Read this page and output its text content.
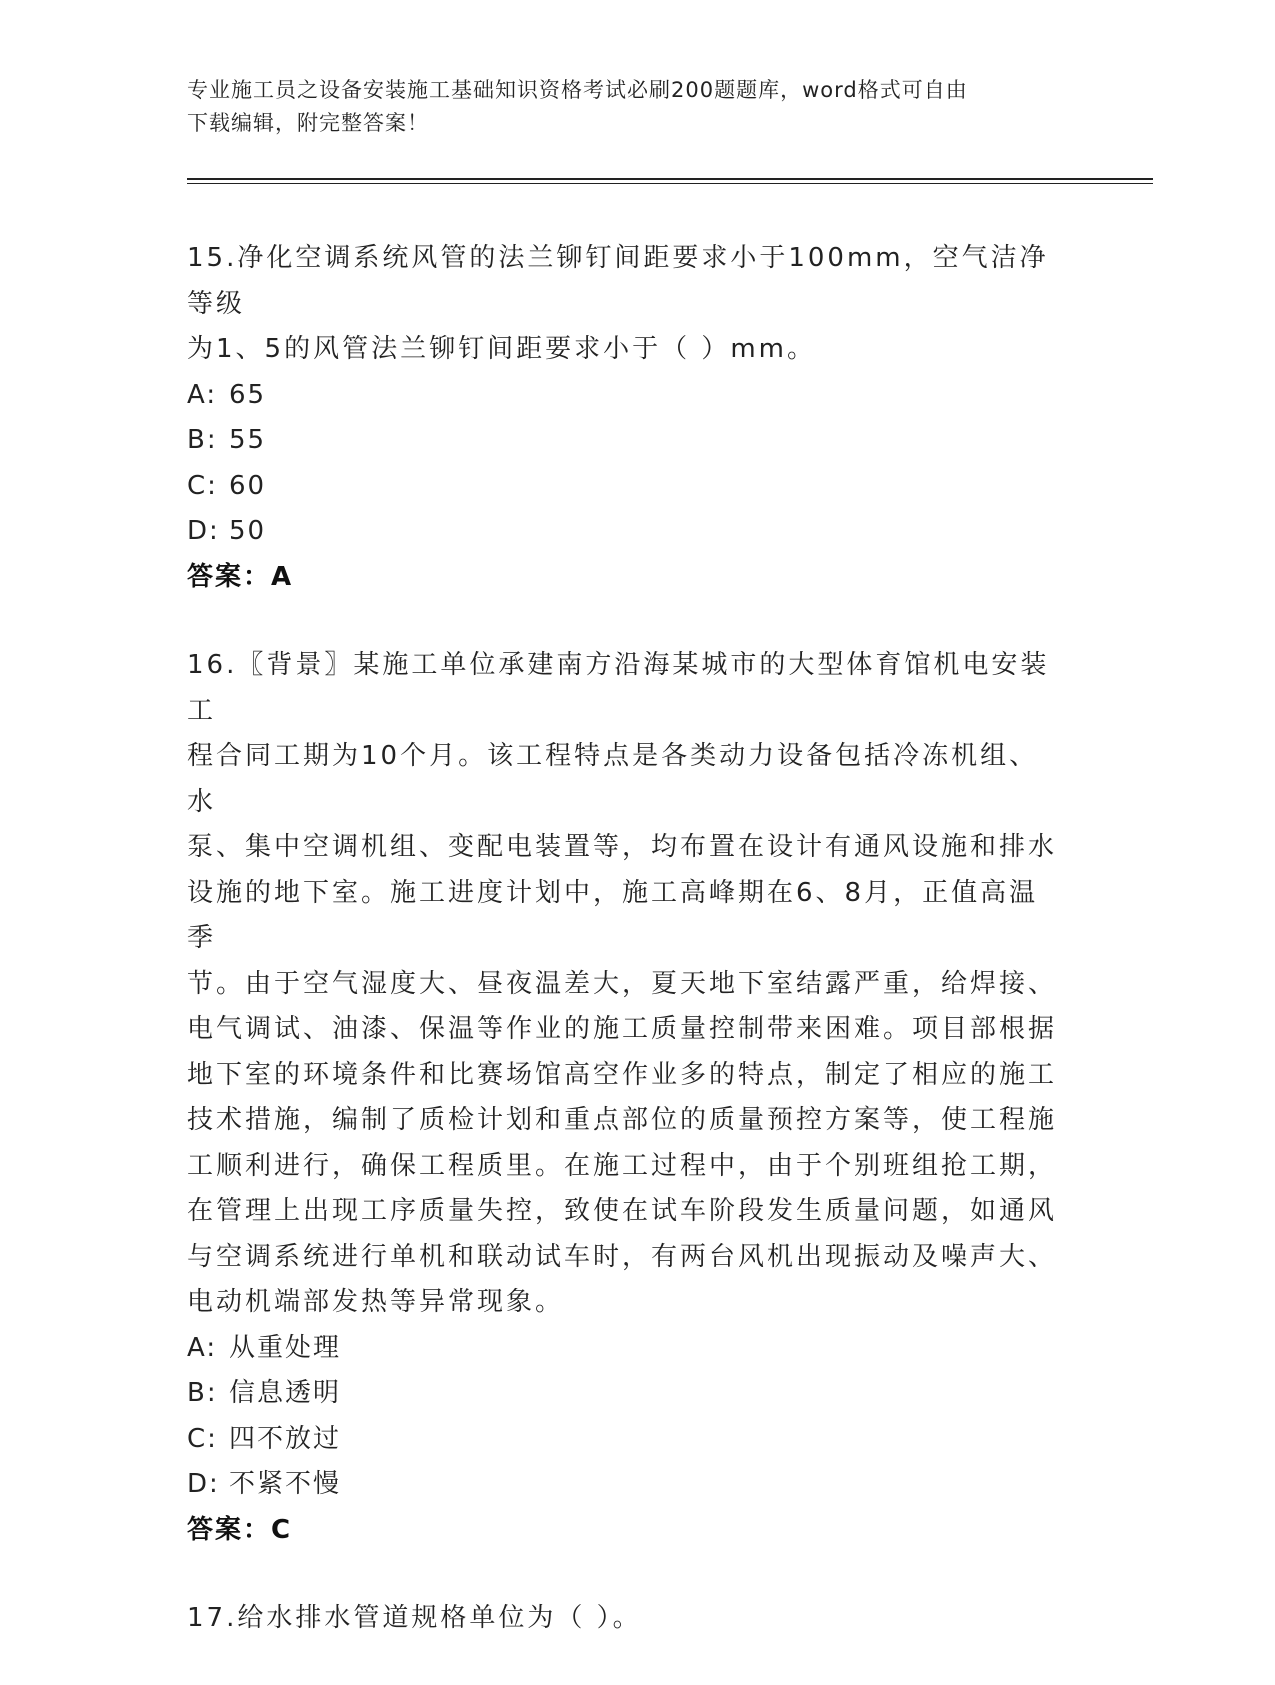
专业施工员之设备安装施工基础知识资格考试必刷200题题库，word格式可自由
下载编辑，附完整答案！

15.净化空调系统风管的法兰铆钉间距要求小于100mm，空气洁净等级

为1、5的风管法兰铆钉间距要求小于（ ）mm。

A: 65

B: 55

C: 60

D: 50

答案：A

16.〖背景〗某施工单位承建南方沿海某城市的大型体育馆机电安装工

程合同工期为10个月。该工程特点是各类动力设备包括冷冻机组、水

泵、集中空调机组、变配电装置等，均布置在设计有通风设施和排水

设施的地下室。施工进度计划中，施工高峰期在6、8月，正值高温季

节。由于空气湿度大、昼夜温差大，夏天地下室结露严重，给焊接、

电气调试、油漆、保温等作业的施工质量控制带来困难。项目部根据

地下室的环境条件和比赛场馆高空作业多的特点，制定了相应的施工

技术措施，编制了质检计划和重点部位的质量预控方案等，使工程施

工顺利进行，确保工程质里。在施工过程中，由于个别班组抢工期，

在管理上出现工序质量失控，致使在试车阶段发生质量问题，如通风

与空调系统进行单机和联动试车时，有两台风机出现振动及噪声大、

电动机端部发热等异常现象。

A: 从重处理

B: 信息透明

C: 四不放过

D: 不紧不慢

答案：C

17.给水排水管道规格单位为（ ）。
